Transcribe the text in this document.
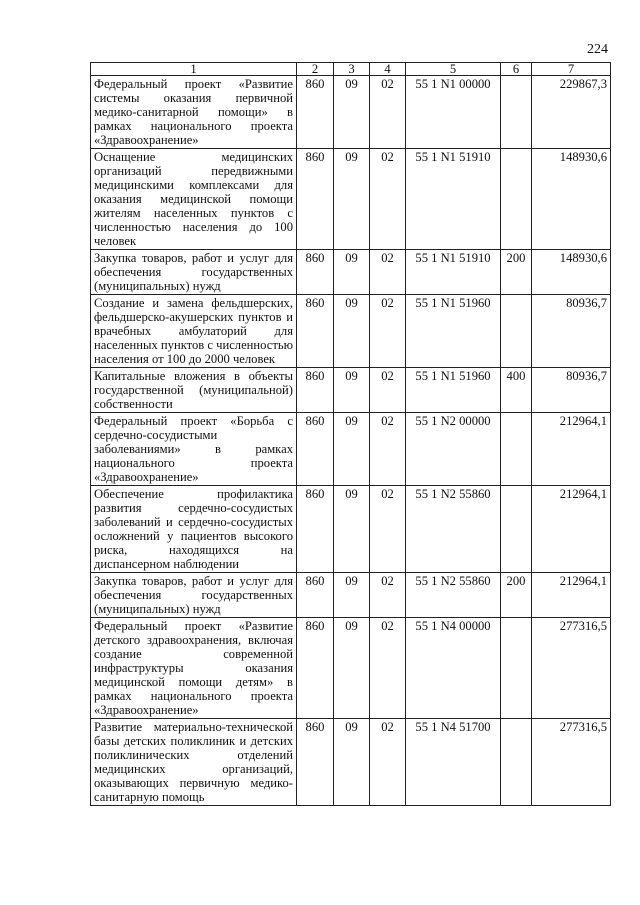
224
1	2	3	4	5	6	7
Федеральный проект «Развитие системы оказания первичной медико-санитарной помощи» в рамках национального проекта «Здравоохранение»	860	09	02	55 1 N1 00000		229867,3
Оснащение медицинских организаций передвижными медицинскими комплексами для оказания медицинской помощи жителям населенных пунктов с численностью населения до 100 человек	860	09	02	55 1 N1 51910		148930,6
Закупка товаров, работ и услуг для обеспечения государственных (муниципальных) нужд	860	09	02	55 1 N1 51910	200	148930,6
Создание и замена фельдшерских, фельдшерско-акушерских пунктов и врачебных амбулаторий для населенных пунктов с численностью населения от 100 до 2000 человек	860	09	02	55 1 N1 51960		80936,7
Капитальные вложения в объекты государственной (муниципальной) собственности	860	09	02	55 1 N1 51960	400	80936,7
Федеральный проект «Борьба с сердечно-сосудистыми заболеваниями» в рамках национального проекта «Здравоохранение»	860	09	02	55 1 N2 00000		212964,1
Обеспечение профилактика развития сердечно-сосудистых заболеваний и сердечно-сосудистых осложнений у пациентов высокого риска, находящихся на диспансерном наблюдении	860	09	02	55 1 N2 55860		212964,1
Закупка товаров, работ и услуг для обеспечения государственных (муниципальных) нужд	860	09	02	55 1 N2 55860	200	212964,1
Федеральный проект «Развитие детского здравоохранения, включая создание современной инфраструктуры оказания медицинской помощи детям» в рамках национального проекта «Здравоохранение»	860	09	02	55 1 N4 00000		277316,5
Развитие материально-технической базы детских поликлиник и детских поликлинических отделений медицинских организаций, оказывающих первичную медико-санитарную помощь	860	09	02	55 1 N4 51700		277316,5
